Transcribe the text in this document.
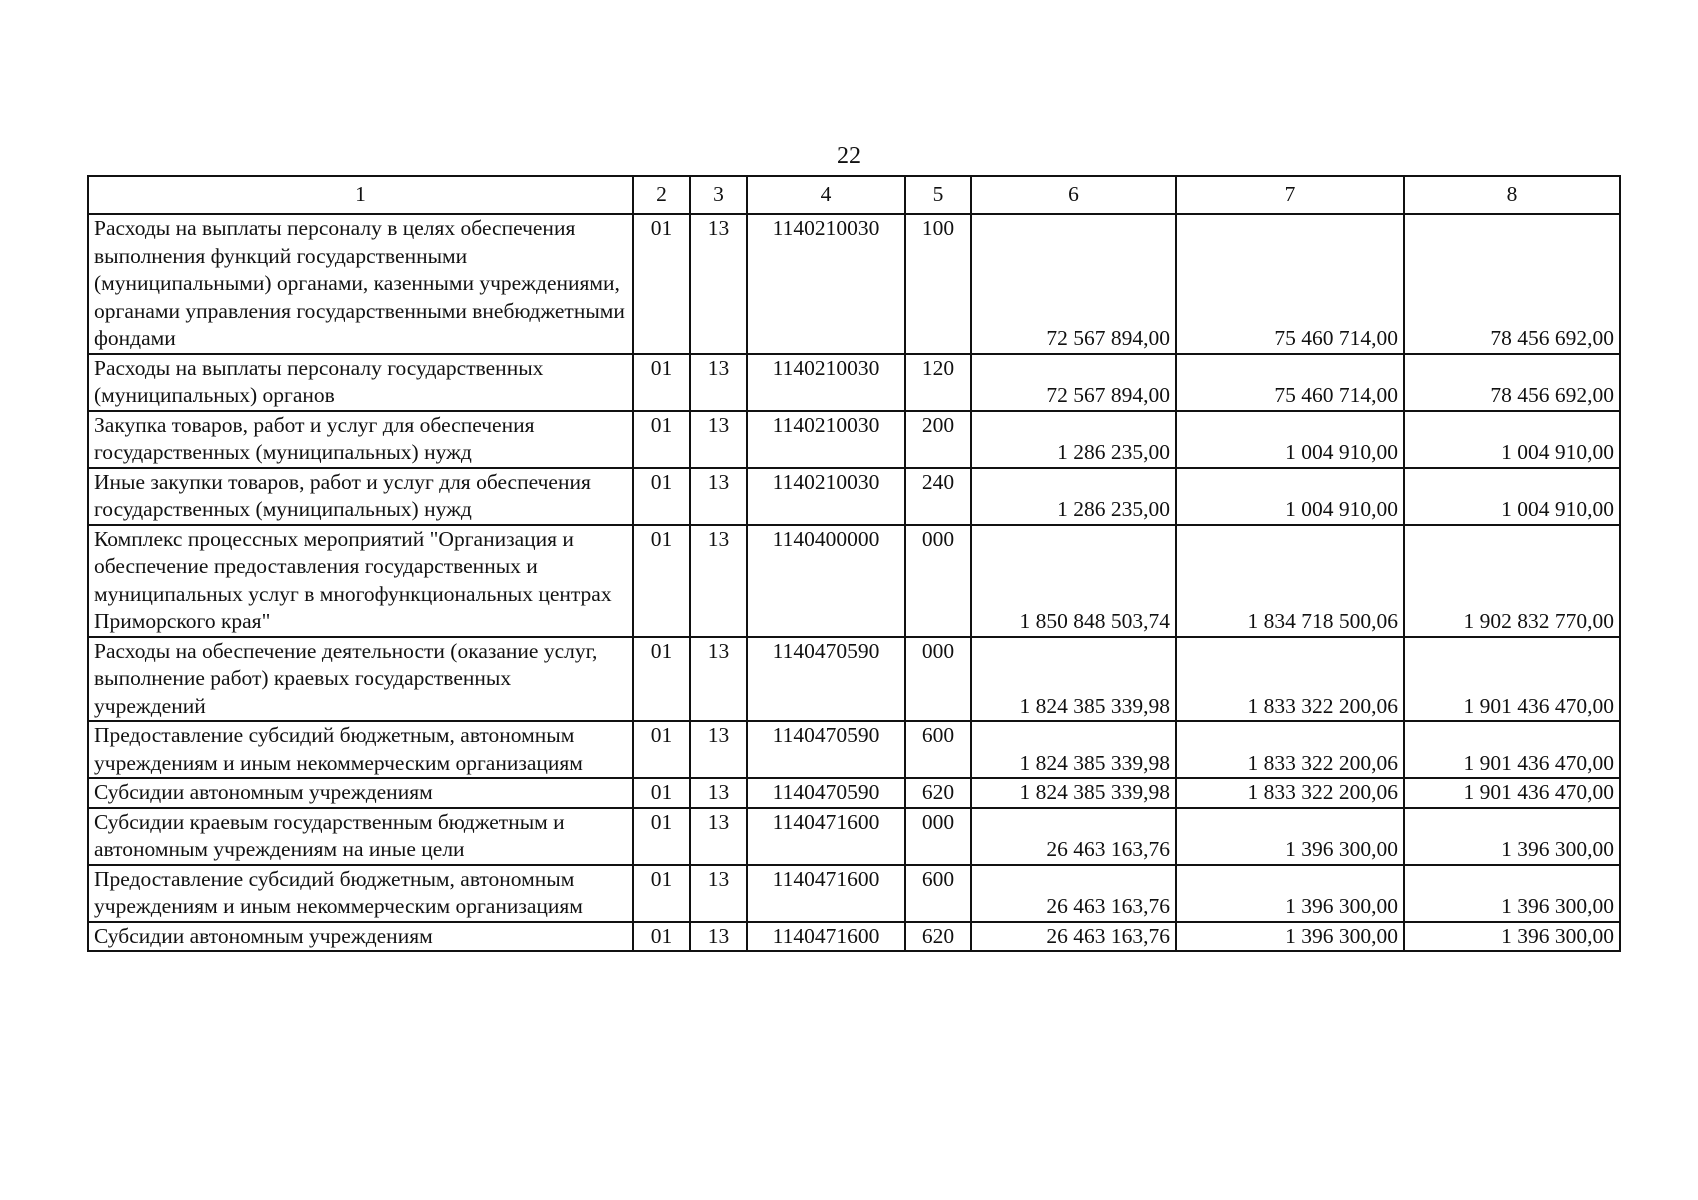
22
1	2	3	4	5	6	7	8
Расходы на выплаты персоналу в целях обеспечения выполнения функций государственными (муниципальными) органами, казенными учреждениями, органами управления государственными внебюджетными фондами	01	13	1140210030	100	72 567 894,00	75 460 714,00	78 456 692,00
Расходы на выплаты персоналу государственных (муниципальных) органов	01	13	1140210030	120	72 567 894,00	75 460 714,00	78 456 692,00
Закупка товаров, работ и услуг для обеспечения государственных (муниципальных) нужд	01	13	1140210030	200	1 286 235,00	1 004 910,00	1 004 910,00
Иные закупки товаров, работ и услуг для обеспечения государственных (муниципальных) нужд	01	13	1140210030	240	1 286 235,00	1 004 910,00	1 004 910,00
Комплекс процессных мероприятий "Организация и обеспечение предоставления государственных и муниципальных услуг в многофункциональных центрах Приморского края"	01	13	1140400000	000	1 850 848 503,74	1 834 718 500,06	1 902 832 770,00
Расходы на обеспечение деятельности (оказание услуг, выполнение работ) краевых государственных учреждений	01	13	1140470590	000	1 824 385 339,98	1 833 322 200,06	1 901 436 470,00
Предоставление субсидий бюджетным, автономным учреждениям и иным некоммерческим организациям	01	13	1140470590	600	1 824 385 339,98	1 833 322 200,06	1 901 436 470,00
Субсидии автономным учреждениям	01	13	1140470590	620	1 824 385 339,98	1 833 322 200,06	1 901 436 470,00
Субсидии краевым государственным бюджетным и автономным учреждениям на иные цели	01	13	1140471600	000	26 463 163,76	1 396 300,00	1 396 300,00
Предоставление субсидий бюджетным, автономным учреждениям и иным некоммерческим организациям	01	13	1140471600	600	26 463 163,76	1 396 300,00	1 396 300,00
Субсидии автономным учреждениям	01	13	1140471600	620	26 463 163,76	1 396 300,00	1 396 300,00
